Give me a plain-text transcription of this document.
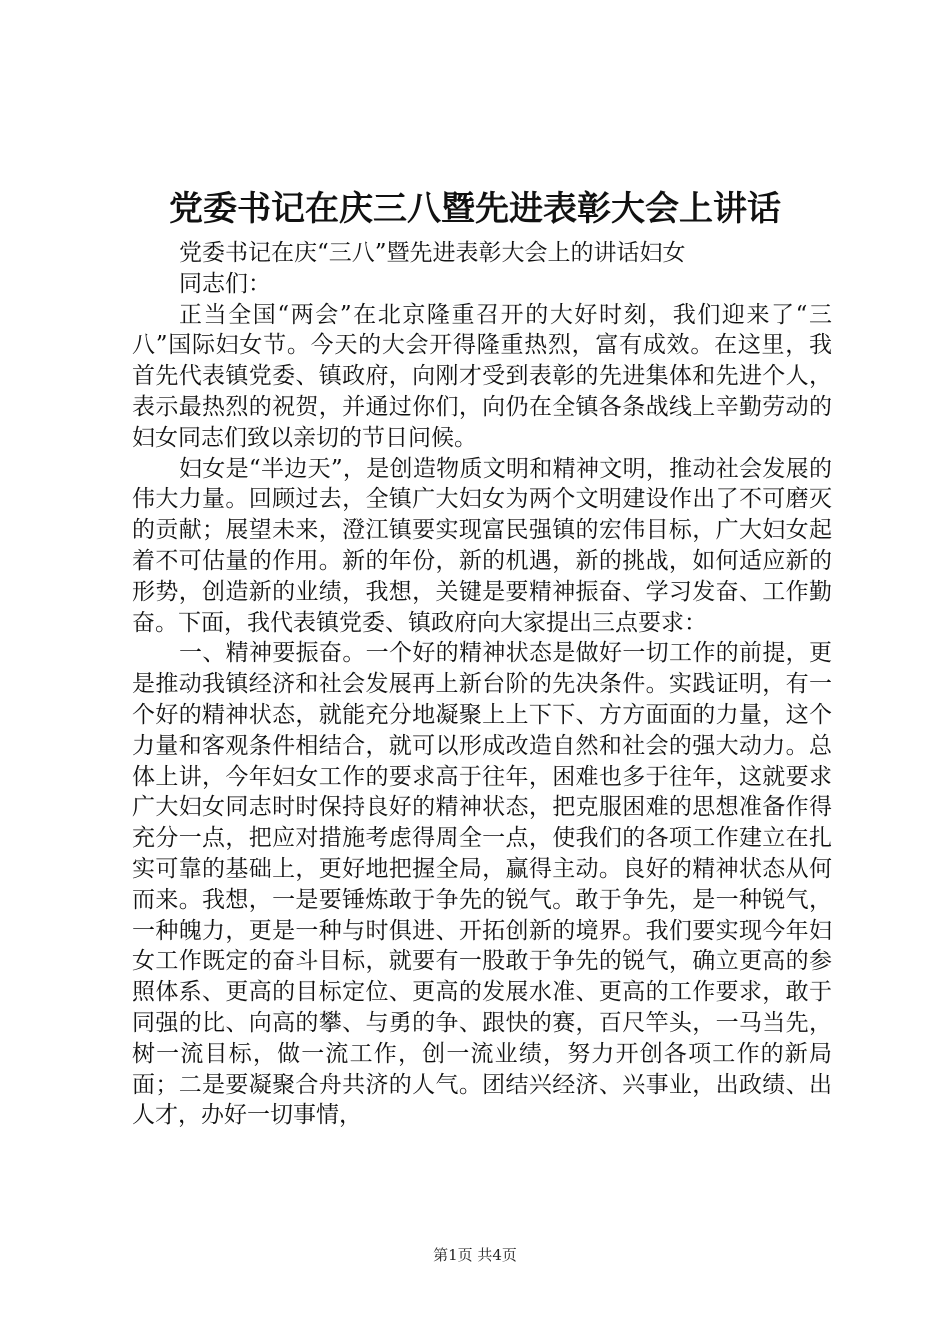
党委书记在庆三八暨先进表彰大会上讲话

党委书记在庆“三八”暨先进表彰大会上的讲话妇女

同志们：

正当全国“两会”在北京隆重召开的大好时刻，我们迎来了“三八”国际妇女节。今天的大会开得隆重热烈，富有成效。在这里，我首先代表镇党委、镇政府，向刚才受到表彰的先进集体和先进个人，表示最热烈的祝贺，并通过你们，向仍在全镇各条战线上辛勤劳动的妇女同志们致以亲切的节日问候。

妇女是“半边天”，是创造物质文明和精神文明，推动社会发展的伟大力量。回顾过去，全镇广大妇女为两个文明建设作出了不可磨灭的贡献；展望未来，澄江镇要实现富民强镇的宏伟目标，广大妇女起着不可估量的作用。新的年份，新的机遇，新的挑战，如何适应新的形势，创造新的业绩，我想，关键是要精神振奋、学习发奋、工作勤奋。下面，我代表镇党委、镇政府向大家提出三点要求：

一、精神要振奋。一个好的精神状态是做好一切工作的前提，更是推动我镇经济和社会发展再上新台阶的先决条件。实践证明，有一个好的精神状态，就能充分地凝聚上上下下、方方面面的力量，这个力量和客观条件相结合，就可以形成改造自然和社会的强大动力。总体上讲，今年妇女工作的要求高于往年，困难也多于往年，这就要求广大妇女同志时时保持良好的精神状态，把克服困难的思想准备作得充分一点，把应对措施考虑得周全一点，使我们的各项工作建立在扎实可靠的基础上，更好地把握全局，赢得主动。良好的精神状态从何而来。我想，一是要锤炼敢于争先的锐气。敢于争先，是一种锐气，一种魄力，更是一种与时俱进、开拓创新的境界。我们要实现今年妇女工作既定的奋斗目标，就要有一股敢于争先的锐气，确立更高的参照体系、更高的目标定位、更高的发展水准、更高的工作要求，敢于同强的比、向高的攀、与勇的争、跟快的赛，百尺竿头，一马当先，树一流目标，做一流工作，创一流业绩，努力开创各项工作的新局面；二是要凝聚合舟共济的人气。团结兴经济、兴事业，出政绩、出人才，办好一切事情，

第1页 共4页
